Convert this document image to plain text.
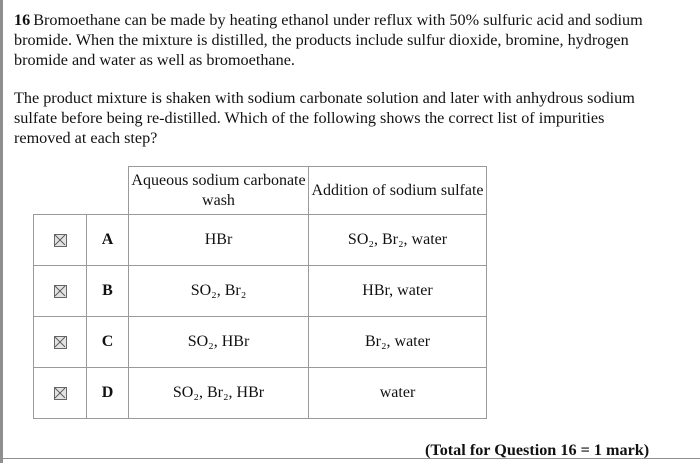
16 Bromoethane can be made by heating ethanol under reflux with 50% sulfuric acid and sodium bromide. When the mixture is distilled, the products include sulfur dioxide, bromine, hydrogen bromide and water as well as bromoethane.

The product mixture is shaken with sodium carbonate solution and later with anhydrous sodium sulfate before being re-distilled. Which of the following shows the correct list of impurities removed at each step?

		Aqueous sodium carbonate wash	Addition of sodium sulfate
	A	HBr	SO₂, Br₂, water
	B	SO₂, Br₂	HBr, water
	C	SO₂, HBr	Br₂, water
	D	SO₂, Br₂, HBr	water
(Total for Question 16 = 1 mark)
